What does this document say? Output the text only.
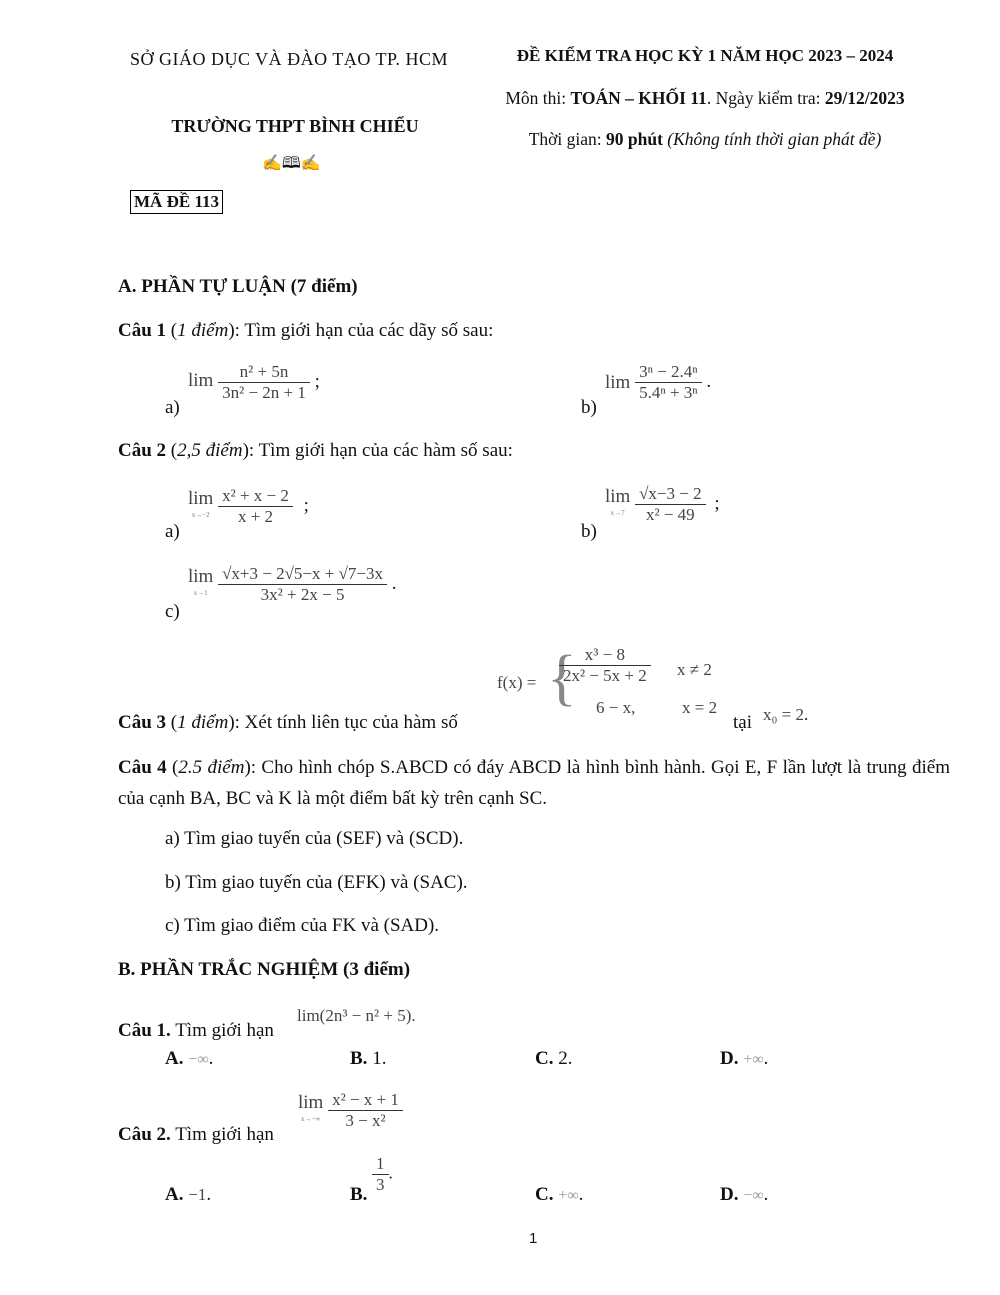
SỞ GIÁO DỤC VÀ ĐÀO TẠO TP. HCM
TRƯỜNG THPT BÌNH CHIỂU
✍🕮✍
MÃ ĐỀ 113
ĐỀ KIỂM TRA HỌC KỲ 1 NĂM HỌC 2023 – 2024
Môn thi: TOÁN – KHỐI 11. Ngày kiểm tra: 29/12/2023
Thời gian: 90 phút (Không tính thời gian phát đề)
A. PHẦN TỰ LUẬN (7 điểm)
Câu 1 (1 điểm): Tìm giới hạn của các dãy số sau:
a)
$\lim \frac{\text{n² + 5n}}{\text{3n² − 2n + 1}}$ ;
b)
$\lim \frac{\text{3ⁿ − 2.4ⁿ}}{\text{5.4ⁿ + 3ⁿ}}$ .
Câu 2 (2,5 điểm): Tìm giới hạn của các hàm số sau:
a)
lim
x→−2
$\frac{\text{x² + x − 2}}{x + 2}$ ;
b)
lim
x→7
$\frac{√x-3 - 2}{\text{x² − 49}}$ ;
c)
lim
x→1
$\frac{√x+3 - 2√5-x + √7-3x}{\text{3x² + 2x − 5}}$ .
Câu 3 (1 điểm): Xét tính liên tục của hàm số
f(x) = {
$\frac{\text{x³ − 8}}{\text{2x² − 5x + 2}}$ x ≠ 2
6 − x,	x = 2
tại x₀ = 2.
Câu 4 (2.5 điểm): Cho hình chóp S.ABCD có đáy ABCD là hình bình hành. Gọi E, F lần lượt là trung điểm của cạnh BA, BC và K là một điểm bất kỳ trên cạnh SC.
a) Tìm giao tuyến của (SEF) và (SCD).
b) Tìm giao tuyến của (EFK) và (SAC).
c) Tìm giao điểm của FK và (SAD).
B. PHẦN TRẮC NGHIỆM (3 điểm)
Câu 1. Tìm giới hạn
lim(2n³ − n² + 5).
A. −∞.	B. 1.	C. 2.	D. +∞.
Câu 2. Tìm giới hạn
lim
x→−∞
$\frac{\text{x² − x + 1}}{\text{3 − x²}}$
A. −1.	B. $\frac{1}{3}$ .
C. +∞.	D. −∞.
1
